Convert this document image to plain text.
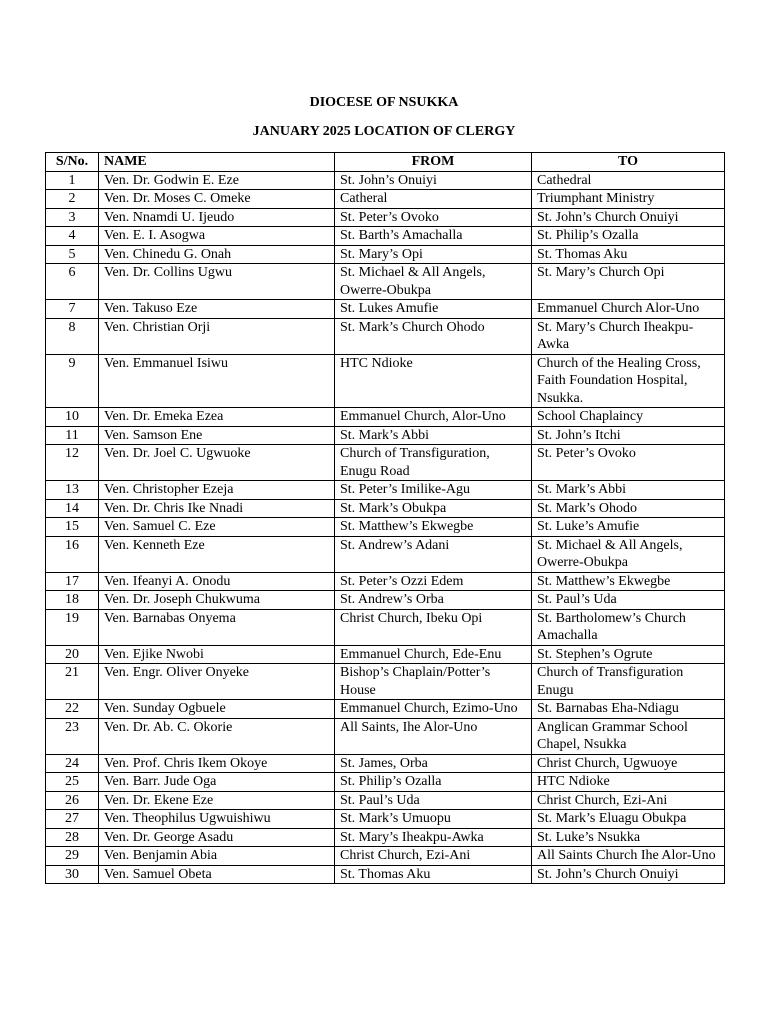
DIOCESE OF NSUKKA
JANUARY 2025 LOCATION OF CLERGY
S/No.	NAME	FROM	TO
1	Ven. Dr. Godwin E. Eze	St. John’s Onuiyi	Cathedral
2	Ven. Dr. Moses C. Omeke	Catheral	Triumphant Ministry
3	Ven. Nnamdi U. Ijeudo	St. Peter’s Ovoko	St. John’s Church Onuiyi
4	Ven. E. I. Asogwa	St. Barth’s Amachalla	St. Philip’s Ozalla
5	Ven. Chinedu G. Onah	St. Mary’s Opi	St. Thomas Aku
6	Ven. Dr. Collins Ugwu	St. Michael & All Angels, Owerre-Obukpa	St. Mary’s Church Opi
7	Ven. Takuso Eze	St. Lukes Amufie	Emmanuel Church Alor-Uno
8	Ven. Christian Orji	St. Mark’s Church Ohodo	St. Mary’s Church Iheakpu-Awka
9	Ven. Emmanuel Isiwu	HTC Ndioke	Church of the Healing Cross, Faith Foundation Hospital, Nsukka.
10	Ven. Dr. Emeka Ezea	Emmanuel Church, Alor-Uno	School Chaplaincy
11	Ven. Samson Ene	St. Mark’s Abbi	St. John’s Itchi
12	Ven. Dr. Joel C. Ugwuoke	Church of Transfiguration, Enugu Road	St. Peter’s Ovoko
13	Ven. Christopher Ezeja	St. Peter’s Imilike-Agu	St. Mark’s Abbi
14	Ven. Dr. Chris Ike Nnadi	St. Mark’s Obukpa	St. Mark’s Ohodo
15	Ven. Samuel C. Eze	St. Matthew’s Ekwegbe	St. Luke’s Amufie
16	Ven. Kenneth Eze	St. Andrew’s Adani	St. Michael & All Angels, Owerre-Obukpa
17	Ven. Ifeanyi A. Onodu	St. Peter’s Ozzi Edem	St. Matthew’s Ekwegbe
18	Ven. Dr. Joseph Chukwuma	St. Andrew’s Orba	St. Paul’s Uda
19	Ven. Barnabas Onyema	Christ Church, Ibeku Opi	St. Bartholomew’s Church Amachalla
20	Ven. Ejike Nwobi	Emmanuel Church, Ede-Enu	St. Stephen’s Ogrute
21	Ven. Engr. Oliver Onyeke	Bishop’s Chaplain/Potter’s House	Church of Transfiguration Enugu
22	Ven. Sunday Ogbuele	Emmanuel Church, Ezimo-Uno	St. Barnabas Eha-Ndiagu
23	Ven. Dr. Ab. C. Okorie	All Saints, Ihe Alor-Uno	Anglican Grammar School Chapel, Nsukka
24	Ven. Prof. Chris Ikem Okoye	St. James, Orba	Christ Church, Ugwuoye
25	Ven. Barr. Jude Oga	St. Philip’s Ozalla	HTC Ndioke
26	Ven. Dr. Ekene Eze	St. Paul’s Uda	Christ Church, Ezi-Ani
27	Ven. Theophilus Ugwuishiwu	St. Mark’s Umuopu	St. Mark’s Eluagu Obukpa
28	Ven. Dr. George Asadu	St. Mary’s Iheakpu-Awka	St. Luke’s Nsukka
29	Ven. Benjamin Abia	Christ Church, Ezi-Ani	All Saints Church Ihe Alor-Uno
30	Ven. Samuel Obeta	St. Thomas Aku	St. John’s Church Onuiyi
